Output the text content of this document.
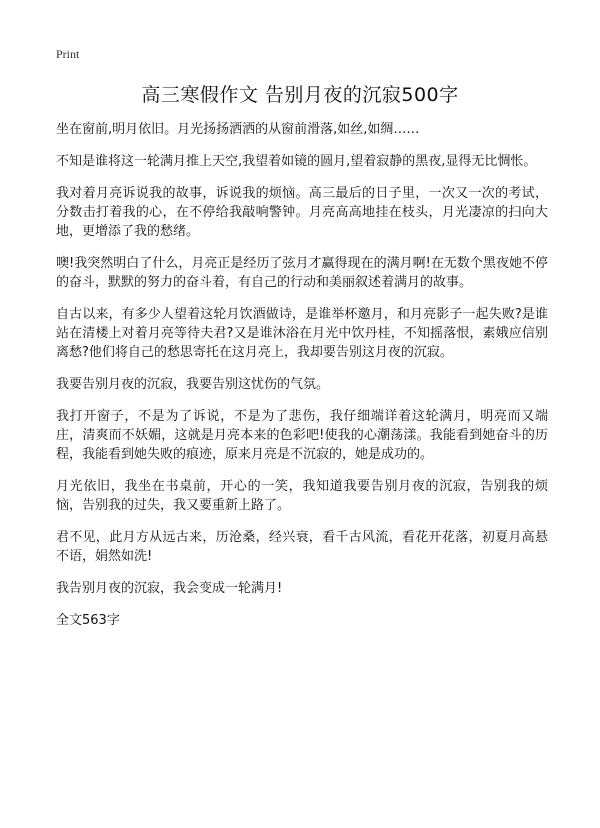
Print
高三寒假作文 告别月夜的沉寂500字

坐在窗前,明月依旧。月光扬扬洒洒的从窗前滑落,如丝,如绸……

不知是谁将这一轮满月推上天空,我望着如镜的圆月,望着寂静的黑夜,显得无比惆怅。

我对着月亮诉说我的故事，诉说我的烦恼。高三最后的日子里，一次又一次的考试，分数击打着我的心，在不停给我敲响警钟。月亮高高地挂在枝头，月光凄凉的扫向大地，更增添了我的愁绪。

噢!我突然明白了什么，月亮正是经历了弦月才赢得现在的满月啊!在无数个黑夜她不停的奋斗，默默的努力的奋斗着，有自己的行动和美丽叙述着满月的故事。

自古以来，有多少人望着这轮月饮酒做诗，是谁举杯邀月，和月亮影子一起失败?是谁站在清楼上对着月亮等待夫君?又是谁沐浴在月光中饮丹桂，不知摇落恨，素娥应信别离愁?他们将自己的愁思寄托在这月亮上，我却要告别这月夜的沉寂。

我要告别月夜的沉寂，我要告别这忧伤的气氛。

我打开窗子，不是为了诉说，不是为了悲伤，我仔细端详着这轮满月，明亮而又端庄，清爽而不妖媚，这就是月亮本来的色彩吧!使我的心潮荡漾。我能看到她奋斗的历程，我能看到她失败的痕迹，原来月亮是不沉寂的，她是成功的。

月光依旧，我坐在书桌前，开心的一笑，我知道我要告别月夜的沉寂，告别我的烦恼，告别我的过失，我又要重新上路了。

君不见，此月方从远古来，历沧桑，经兴衰，看千古风流，看花开花落，初夏月高悬不语，娟然如洗!

我告别月夜的沉寂，我会变成一轮满月!

全文563字
